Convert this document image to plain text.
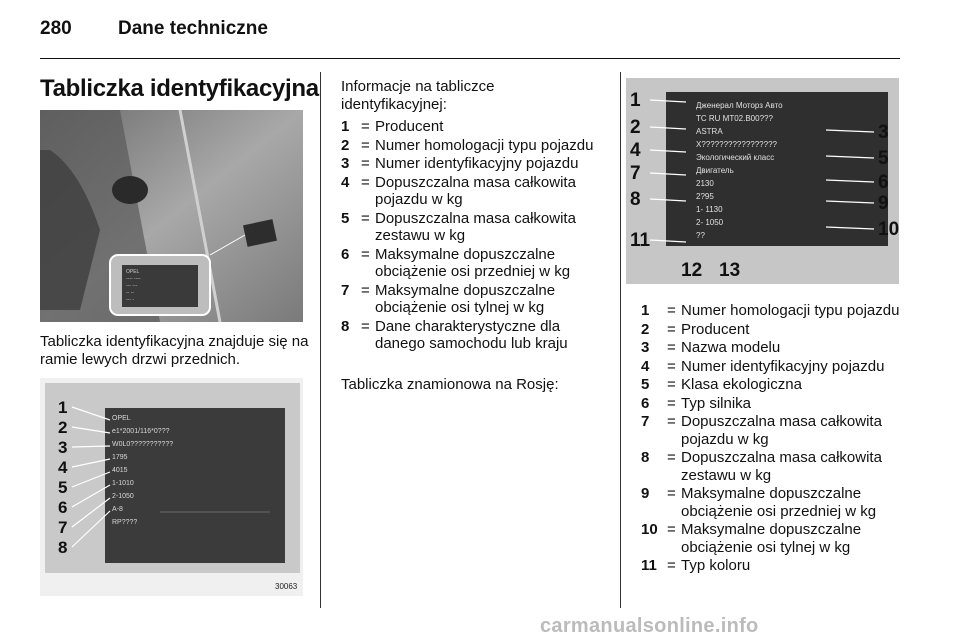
280 Dane techniczne
Tabliczka identyfikacyjna
OPEL
---- ----
--- ---
-- --
--- -
Tabliczka identyfikacyjna znajduje się na ramie lewych drzwi przednich.
1
2
3
4
5
6
7
8
OPEL
e1*2001/116*0???
W0L0???????????
1795
4015
1-1010
2-1050
A-8
RP????
30063
Informacje na tabliczce identyfikacyjnej:
1 = Producent
2 = Numer homologacji typu pojazdu
3 = Numer identyfikacyjny pojazdu
4 = Dopuszczalna masa całkowita pojazdu w kg
5 = Dopuszczalna masa całkowita zestawu w kg
6 = Maksymalne dopuszczalne obciążenie osi przedniej w kg
7 = Maksymalne dopuszczalne obciążenie osi tylnej w kg
8 = Dane charakterystyczne dla danego samochodu lub kraju
Дженерал Моторз Авто
ТС RU МТ02.В00???
ASTRA
X?????????????????
Экологический класс
Двигатель
2130
2?95
1- 1130
2- 1050
??
1
2
4
7
8
11
3
5
6
9
10
12 13
Tabliczka znamionowa na Rosję:
1	= Numer homologacji typu pojazdu
2	= Producent
3	= Nazwa modelu
4	= Numer identyfikacyjny pojazdu
5	= Klasa ekologiczna
6	= Typ silnika
7	= Dopuszczalna masa całkowita pojazdu w kg
8	= Dopuszczalna masa całkowita zestawu w kg
9	= Maksymalne dopuszczalne obciążenie osi przedniej w kg
10 = Maksymalne dopuszczalne obciążenie osi tylnej w kg
11 = Typ koloru
carmanualsonline.info
